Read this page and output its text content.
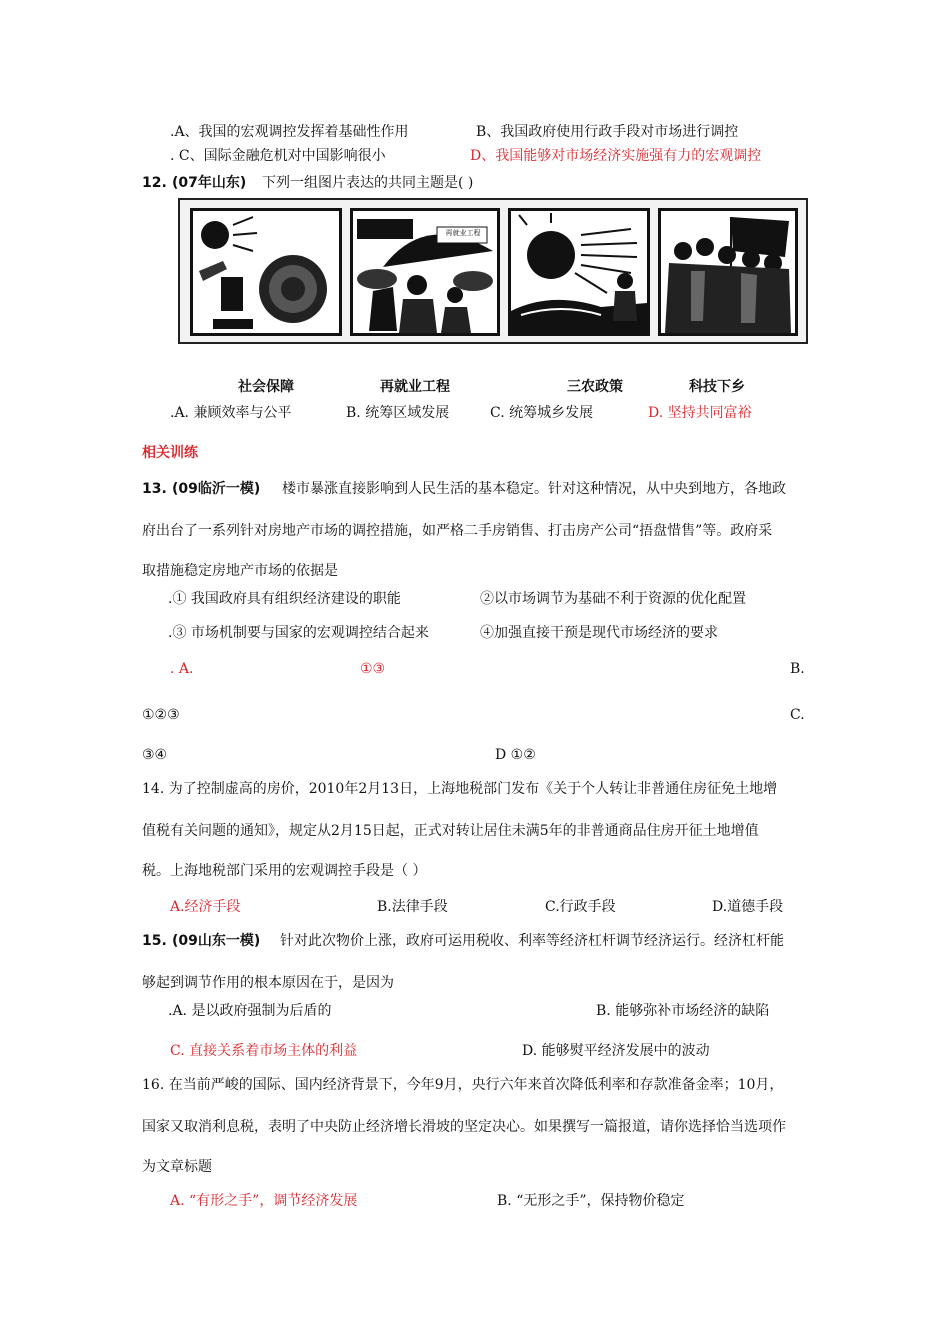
.A、我国的宏观调控发挥着基础性作用	B、我国政府使用行政手段对市场进行调控
. C、国际金融危机对中国影响很小	D、我国能够对市场经济实施强有力的宏观调控
12. (07年山东) 下列一组图片表达的共同主题是( )
再就业工程
社会保障	再就业工程	三农政策	科技下乡
.A. 兼顾效率与公平	B. 统筹区域发展	C. 统筹城乡发展	D. 坚持共同富裕
相关训练
13. (09临沂一模) 楼市暴涨直接影响到人民生活的基本稳定。针对这种情况，从中央到地方，各地政
府出台了一系列针对房地产市场的调控措施，如严格二手房销售、打击房产公司“捂盘惜售”等。政府采
取措施稳定房地产市场的依据是
.① 我国政府具有组织经济建设的职能	②以市场调节为基础不利于资源的优化配置
.③ 市场机制要与国家的宏观调控结合起来	④加强直接干预是现代市场经济的要求
. A.	①③	B.
①②③	C.
③④	D ①②
14. 为了控制虚高的房价，2010年2月13日，上海地税部门发布《关于个人转让非普通住房征免土地增
值税有关问题的通知》，规定从2月15日起，正式对转让居住未满5年的非普通商品住房开征土地增值
税。上海地税部门采用的宏观调控手段是（ ）
A.经济手段	B.法律手段	C.行政手段	D.道德手段
15. (09山东一模) 针对此次物价上涨，政府可运用税收、利率等经济杠杆调节经济运行。经济杠杆能
够起到调节作用的根本原因在于，是因为
.A. 是以政府强制为后盾的	B. 能够弥补市场经济的缺陷
C. 直接关系着市场主体的利益	D. 能够熨平经济发展中的波动
16. 在当前严峻的国际、国内经济背景下，今年9月，央行六年来首次降低利率和存款准备金率；10月，
国家又取消利息税，表明了中央防止经济增长滑坡的坚定决心。如果撰写一篇报道，请你选择恰当选项作
为文章标题
A. “有形之手”，调节经济发展	B. “无形之手”，保持物价稳定
